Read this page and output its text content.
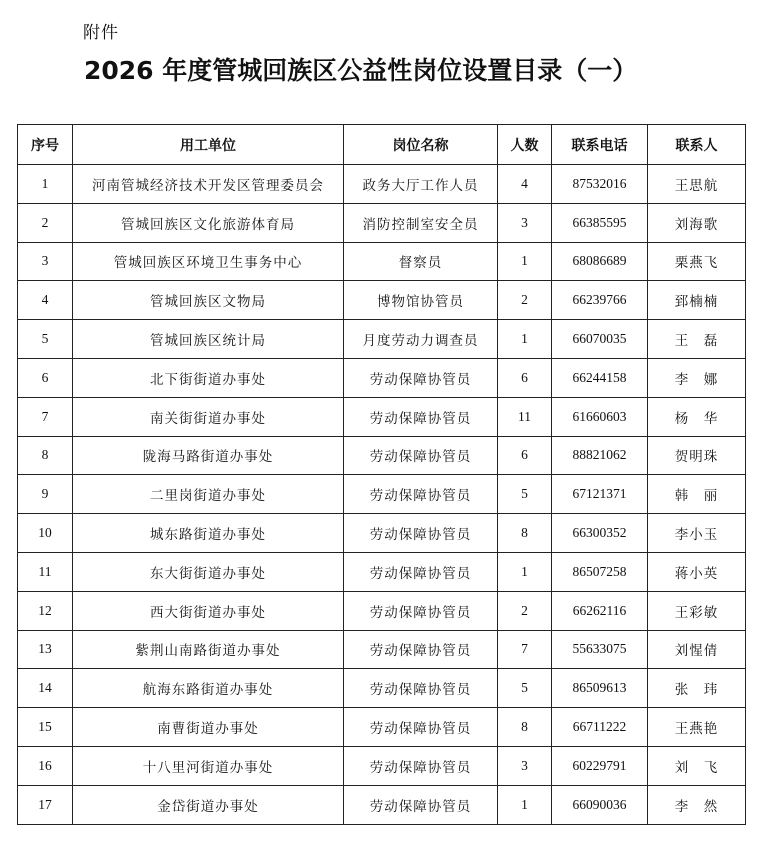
附件
2026 年度管城回族区公益性岗位设置目录（一）
序号	用工单位	岗位名称	人数	联系电话	联系人
1	河南管城经济技术开发区管理委员会	政务大厅工作人员	4	87532016	王思航
2	管城回族区文化旅游体育局	消防控制室安全员	3	66385595	刘海歌
3	管城回族区环境卫生事务中心	督察员	1	68086689	栗燕飞
4	管城回族区文物局	博物馆协管员	2	66239766	郅楠楠
5	管城回族区统计局	月度劳动力调查员	1	66070035	王　磊
6	北下街街道办事处	劳动保障协管员	6	66244158	李　娜
7	南关街街道办事处	劳动保障协管员	11	61660603	杨　华
8	陇海马路街道办事处	劳动保障协管员	6	88821062	贺明珠
9	二里岗街道办事处	劳动保障协管员	5	67121371	韩　丽
10	城东路街道办事处	劳动保障协管员	8	66300352	李小玉
11	东大街街道办事处	劳动保障协管员	1	86507258	蒋小英
12	西大街街道办事处	劳动保障协管员	2	66262116	王彩敏
13	紫荆山南路街道办事处	劳动保障协管员	7	55633075	刘惺倩
14	航海东路街道办事处	劳动保障协管员	5	86509613	张　玮
15	南曹街道办事处	劳动保障协管员	8	66711222	王燕艳
16	十八里河街道办事处	劳动保障协管员	3	60229791	刘　飞
17	金岱街道办事处	劳动保障协管员	1	66090036	李　然
